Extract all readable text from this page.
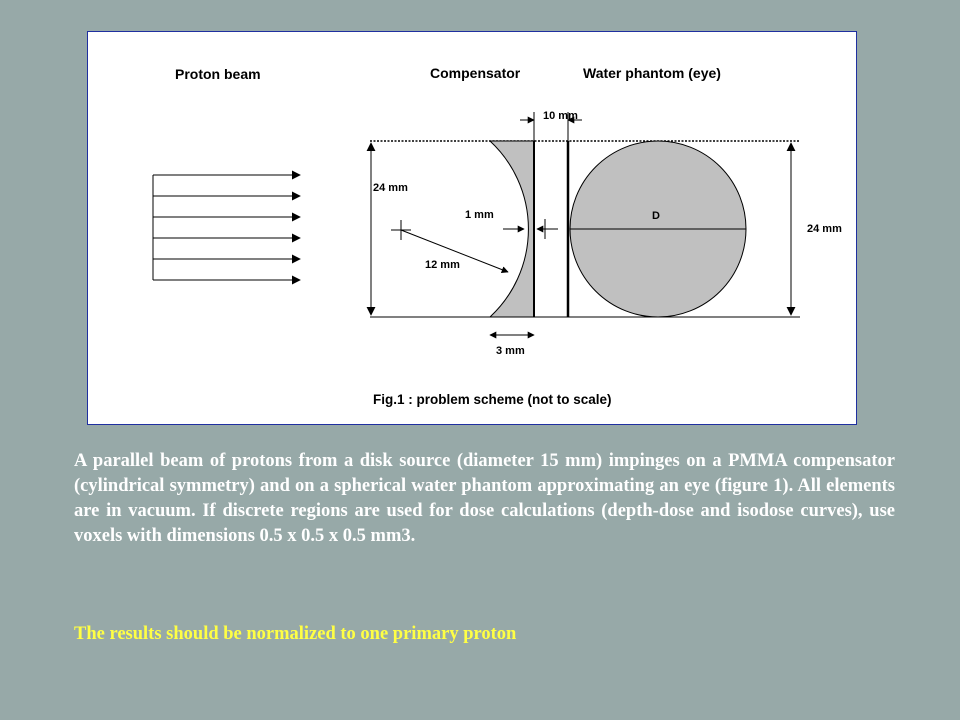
Proton beam	Compensator	Water phantom (eye)
24 mm
12 mm
1 mm
10 mm
D
24 mm
3 mm
Fig.1 : problem scheme (not to scale)

A parallel beam of protons from a disk source (diameter 15 mm) impinges on a PMMA compensator (cylindrical symmetry) and on a spherical water phantom approximating an eye (figure 1). All elements are in vacuum. If discrete regions are used for dose calculations (depth-dose and isodose curves), use voxels with dimensions 0.5 x 0.5 x 0.5 mm3.

The results should be normalized to one primary proton
